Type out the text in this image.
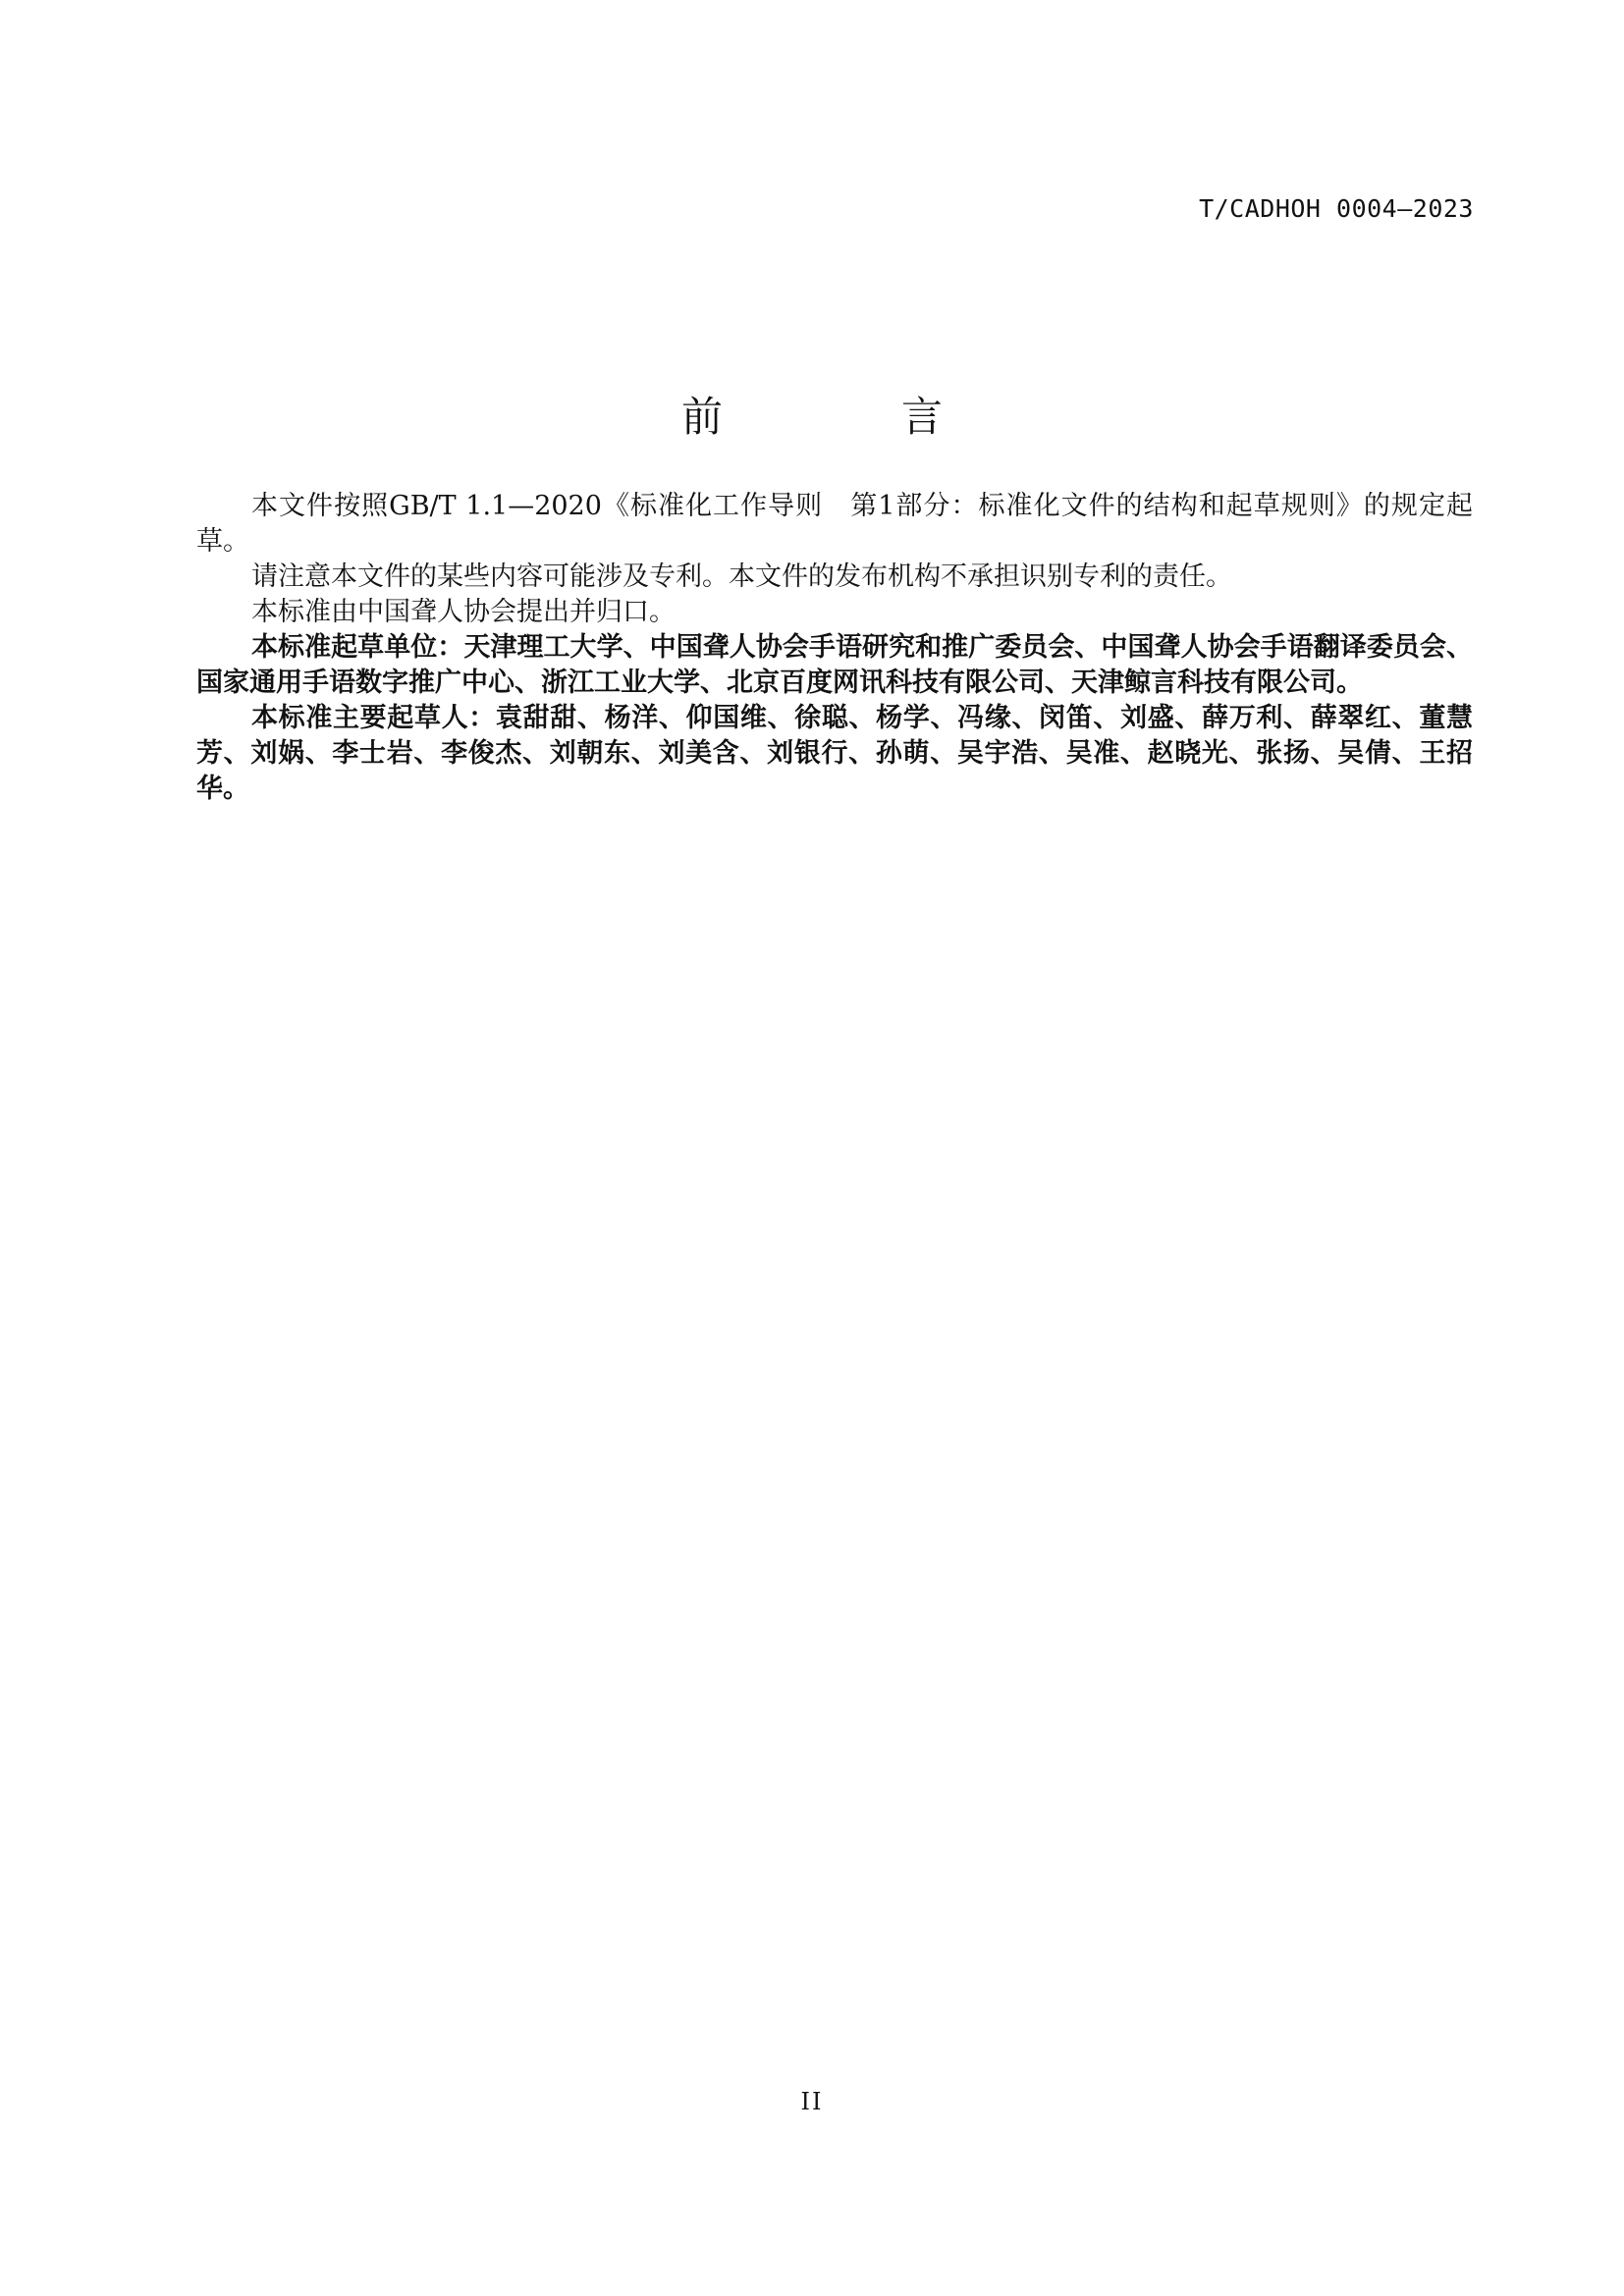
T/CADHOH 0004—2023
前　言

本文件按照GB/T 1.1—2020《标准化工作导则　第1部分：标准化文件的结构和起草规则》的规定起草。

请注意本文件的某些内容可能涉及专利。本文件的发布机构不承担识别专利的责任。

本标准由中国聋人协会提出并归口。

本标准起草单位：天津理工大学、中国聋人协会手语研究和推广委员会、中国聋人协会手语翻译委员会、国家通用手语数字推广中心、浙江工业大学、北京百度网讯科技有限公司、天津鲸言科技有限公司。

本标准主要起草人：袁甜甜、杨洋、仰国维、徐聪、杨学、冯缘、闵笛、刘盛、薛万利、薛翠红、董慧芳、刘娲、李士岩、李俊杰、刘朝东、刘美含、刘银行、孙萌、吴宇浩、吴准、赵晓光、张扬、吴倩、王招华。

II
